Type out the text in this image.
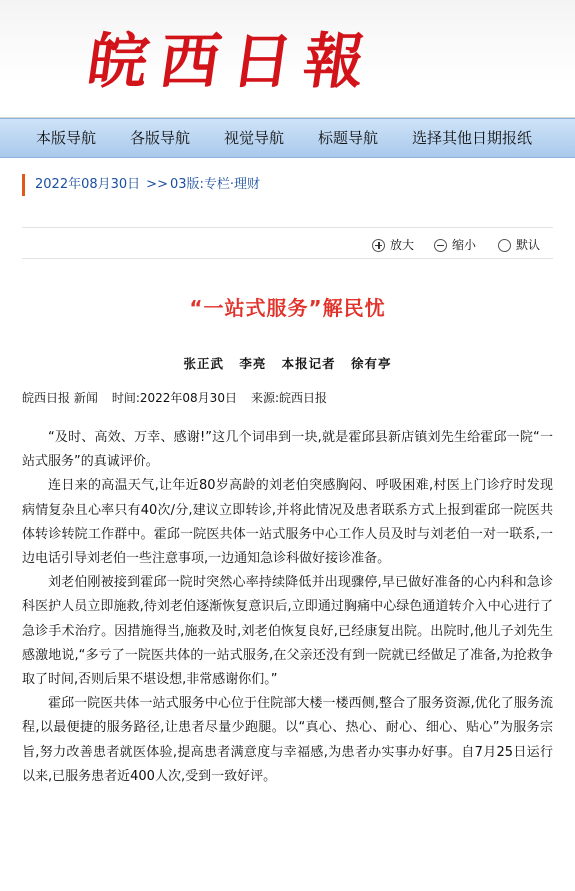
皖西日報
本版导航 各版导航 视觉导航 标题导航 选择其他日期报纸
2022年08月30日 >> 03版:专栏·理财
放大	缩小	默认
“一站式服务”解民忧
张正武 李亮 本报记者 徐有亭
皖西日报 新闻 时间:2022年08月30日 来源:皖西日报

“及时、高效、万幸、感谢!”这几个词串到一块,就是霍邱县新店镇刘先生给霍邱一院“一站式服务”的真诚评价。

连日来的高温天气,让年近80岁高龄的刘老伯突感胸闷、呼吸困难,村医上门诊疗时发现病情复杂且心率只有40次/分,建议立即转诊,并将此情况及患者联系方式上报到霍邱一院医共体转诊转院工作群中。霍邱一院医共体一站式服务中心工作人员及时与刘老伯一对一联系,一边电话引导刘老伯一些注意事项,一边通知急诊科做好接诊准备。

刘老伯刚被接到霍邱一院时突然心率持续降低并出现骤停,早已做好准备的心内科和急诊科医护人员立即施救,待刘老伯逐渐恢复意识后,立即通过胸痛中心绿色通道转介入中心进行了急诊手术治疗。因措施得当,施救及时,刘老伯恢复良好,已经康复出院。出院时,他儿子刘先生感激地说,“多亏了一院医共体的一站式服务,在父亲还没有到一院就已经做足了准备,为抢救争取了时间,否则后果不堪设想,非常感谢你们。”

霍邱一院医共体一站式服务中心位于住院部大楼一楼西侧,整合了服务资源,优化了服务流程,以最便捷的服务路径,让患者尽量少跑腿。以“真心、热心、耐心、细心、贴心”为服务宗旨,努力改善患者就医体验,提高患者满意度与幸福感,为患者办实事办好事。自7月25日运行以来,已服务患者近400人次,受到一致好评。
